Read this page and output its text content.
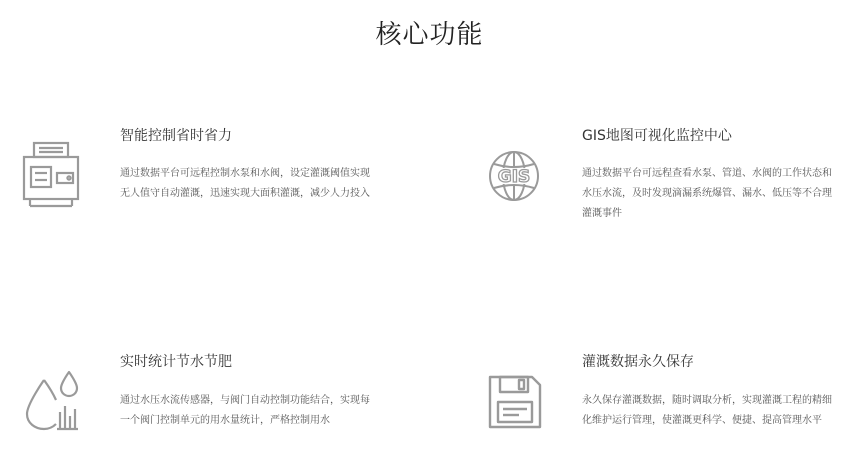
核心功能
智能控制省时省力
通过数据平台可远程控制水泵和水阀，设定灌溉阈值实现无人值守自动灌溉，迅速实现大面积灌溉，减少人力投入
GIS
GIS地图可视化监控中心
通过数据平台可远程查看水泵、管道、水阀的工作状态和水压水流，及时发现滴漏系统爆管、漏水、低压等不合理灌溉事件
实时统计节水节肥
通过水压水流传感器，与阀门自动控制功能结合，实现每一个阀门控制单元的用水量统计，严格控制用水
灌溉数据永久保存
永久保存灌溉数据，随时调取分析，实现灌溉工程的精细化维护运行管理，使灌溉更科学、便捷、提高管理水平
